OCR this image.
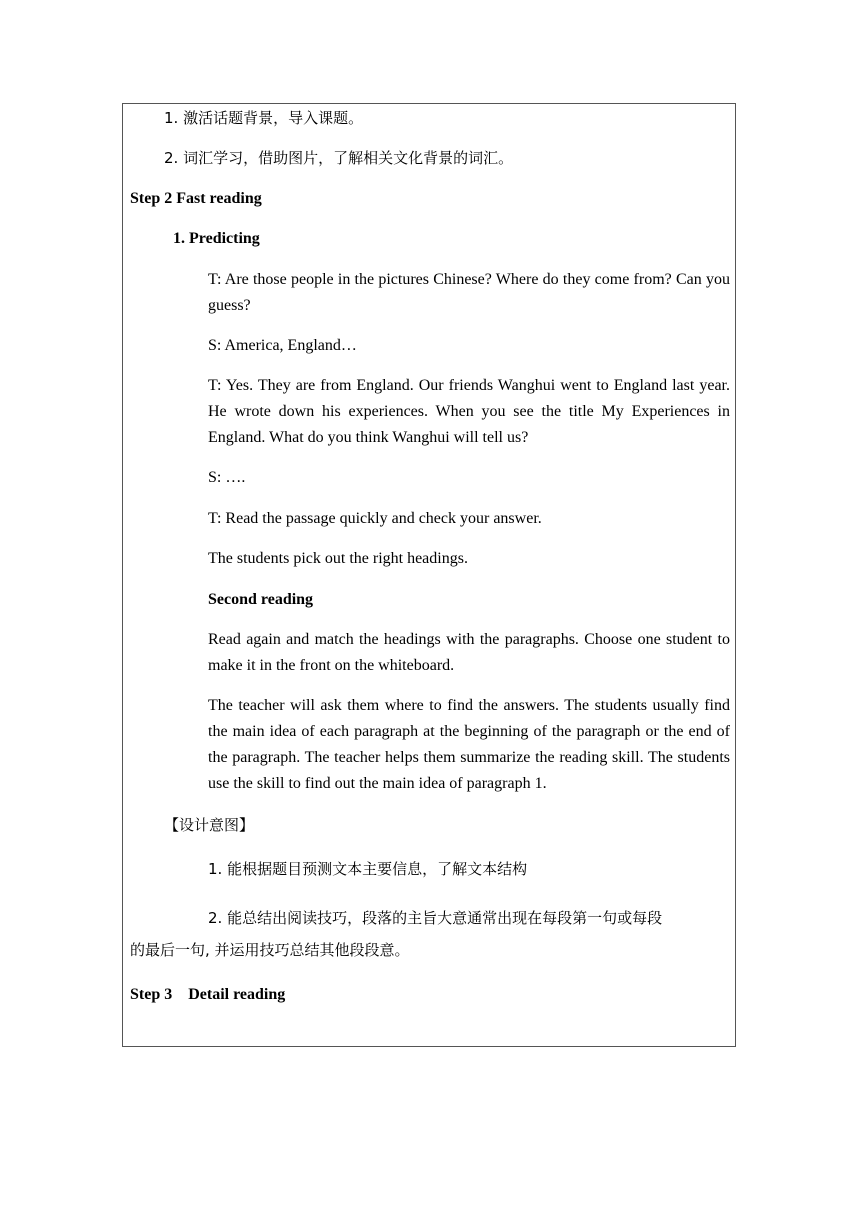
1. 激活话题背景，导入课题。
2. 词汇学习，借助图片，了解相关文化背景的词汇。
Step 2 Fast reading
1. Predicting
T: Are those people in the pictures Chinese? Where do they come from? Can you guess?
S: America, England…
T: Yes. They are from England. Our friends Wanghui went to England last year. He wrote down his experiences. When you see the title My Experiences in England. What do you think Wanghui will tell us?
S: ….
T: Read the passage quickly and check your answer.
The students pick out the right headings.
Second reading
Read again and match the headings with the paragraphs. Choose one student to make it in the front on the whiteboard.
The teacher will ask them where to find the answers. The students usually find the main idea of each paragraph at the beginning of the paragraph or the end of the paragraph. The teacher helps them summarize the reading skill. The students use the skill to find out the main idea of paragraph 1.
【设计意图】
1. 能根据题目预测文本主要信息，了解文本结构
2. 能总结出阅读技巧，段落的主旨大意通常出现在每段第一句或每段
的最后一句, 并运用技巧总结其他段段意。
Step 3    Detail reading
